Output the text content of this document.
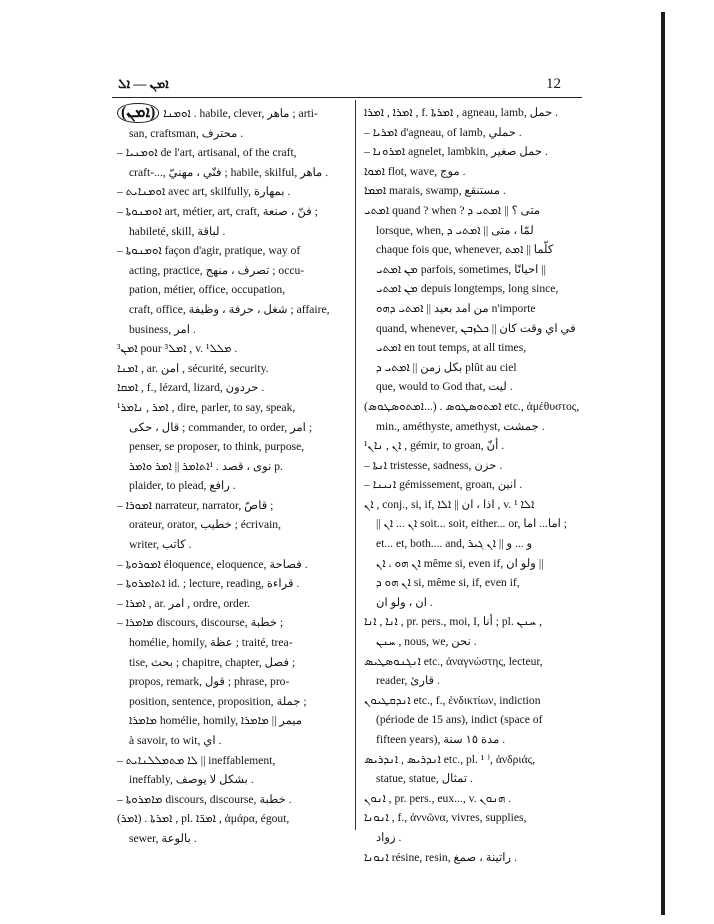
ܐܡܢ — ܐܠ	12

(ܐܡܢ) ܐܘܡܢܐ . habile, clever, ماهر ; arti-

san, craftsman, محترف .

– ܐܘܡܢܝܐ de l'art, artisanal, of the craft,

craft-..., فنّي ، مهنيّ ; habile, skilful, ماهر .

– ܐܘܡܢܐܝܬ avec art, skilfully, بمهارة .

– ܐܘܡܢܘܬܐ art, métier, art, craft, فنّ ، صنعة ;

habileté, skill, لباقة .

– ܐܘܡܢܘܬܐ façon d'agir, pratique, way of

acting, practice, تصرف ، منهج ; occu-

pation, métier, office, occupation,

craft, office, شغل ، حرفة ، وظيفة ; affaire,

business, امر .

³ܐܡܢ pour ³ܐܡܠ , v. ¹ܡܠܠ .

ܐܡܢܐ , ar. امن , sécurité, security.

ܐܡܩܐ , f., lézard, lizard, حردون .

¹ܐܡܪ , ܢܐܡܪ , dire, parler, to say, speak,

قال ، حكى ; commander, to order, امر ;

penser, se proposer, to think, purpose,

نوى ، قصد . ¹ܐܬܐܡܪ || ܐܡܪ ܘܐܡܪ p.

plaider, to plead, رافع .

– ܐܡܘܪܐ narrateur, narrator, قاصّ ;

orateur, orator, خطيب ; écrivain,

writer, كاتب .

– ܐܡܘܪܘܬܐ éloquence, eloquence, فصاحة .

– ܐܬܐܡܪܘܬܐ id. ; lecture, reading, قراءة .

– ܐܡܪܐ , ar. امر , ordre, order.

– ܡܐܡܪܐ discours, discourse, خطبة ;

homélie, homily, عظة ; traité, trea-

tise, بحث ; chapitre, chapter, فصل ;

propos, remark, قول ; phrase, pro-

position, sentence, proposition, جملة ;

ܡܐܡܪܐ homélie, homily, ميمر || ܡܐܡܪܐ

à savoir, to wit, اي .

– ܠܐ ܡܬܡܠܠܢܐܝܬ || ineffablement,

ineffably, بشكل لا يوصف .

– ܡܐܡܪܘܬܐ discours, discourse, خطبة .

(ܐܡܪ) . ܐܡܪܬܐ , pl. ܐܡܪ̈ܐ , ἀμάρα, égout,

sewer, بالوعة .

ܐܡܪܐ , ܐܡܪܐ , f. ܐܡܪܬܐ , agneau, lamb, حمل .

– ܐܡܪܝܐ d'agneau, of lamb, حملي .

– ܐܡܪܘܢܐ agnelet, lambkin, حمل صغير .

ܐܡܘܐ flot, wave, موج .

ܐܡܡܐ marais, swamp, مستنقع .

ܐܡܬܝ quand ? when ? متى ؟ || ܐܡܬܝ ܕ

lorsque, when, لمّا ، متى || ܐܡܬܝ ܕ

chaque fois que, whenever, كلّما || ܐܡܬ

ܡܢ ܐܡܬܝ parfois, sometimes, احيانًا ||

ܡܢ ܐܡܬܝ depuis longtemps, long since,

من امد بعيد || ܐܡܬܝ ܕܗܘ n'importe

quand, whenever, في اي وقت كان || ܟܠܙܒܢ

ܐܡܬܝ en tout temps, at all times,

بكل زمن || ܐܡܬܝ ܕ plût au ciel

que, would to God that, ليت .

(ܐܡܬܘܣܛܘܣ...) . ܐܡܬܘܣܛܘܣ etc., ἀμέθυστος,

min., améthyste, amethyst, جمشت .

¹ܐܢ , ܢܐܢ , gémir, to groan, أنّ .

– ܐܢܬܐ tristesse, sadness, حزن .

– ܐܢܝܢܐ gémissement, groan, انين .

ܐܢ , conj., si, if, اذا ، ان || ܐܠܐ , v. ܐܠܐ ¹

|| ܐܢ ... ܐܢ soit... soit, either... or, اما... اما ;

et... et, both.... and, و ... و || ܐܢ ܓܝܪ

ܐܢ ܗܘ ، ܐܢ même si, even if, ولو ان ||

ܐܢ ܗܘ ܕ si, même si, if, even if,

ان ، ولو ان .

ܐܢܐ , ܐܢܐ , pr. pers., moi, I, أنا ; pl. ܚܢܢ ,

ܚܢܢ , nous, we, نحن .

ܐܢܓܢܘܣܛܝܣ etc., ἀναγνώστης, lecteur,

reader, قارئ .

ܐܢܕܩܛܝܘܢ etc., f., ἐνδικτίων, indiction

(période de 15 ans), indict (space of

fifteen years), مدة ١٥ سنة .

ܐܢܕܪܝܣ , ܐܢܕܪܝܣ etc., pl. ¹ ⁾, ἀνδριάς,

statue, statue, تمثال .

ܐܢܘܢ , pr. pers., eux..., v. ܗܢܘܢ .

ܐܢܘܢܐ , f., ἀννῶνα, vivres, supplies,

زواد .

ܐܢܘܢܐ résine, resin, راتينة ، صمغ .
